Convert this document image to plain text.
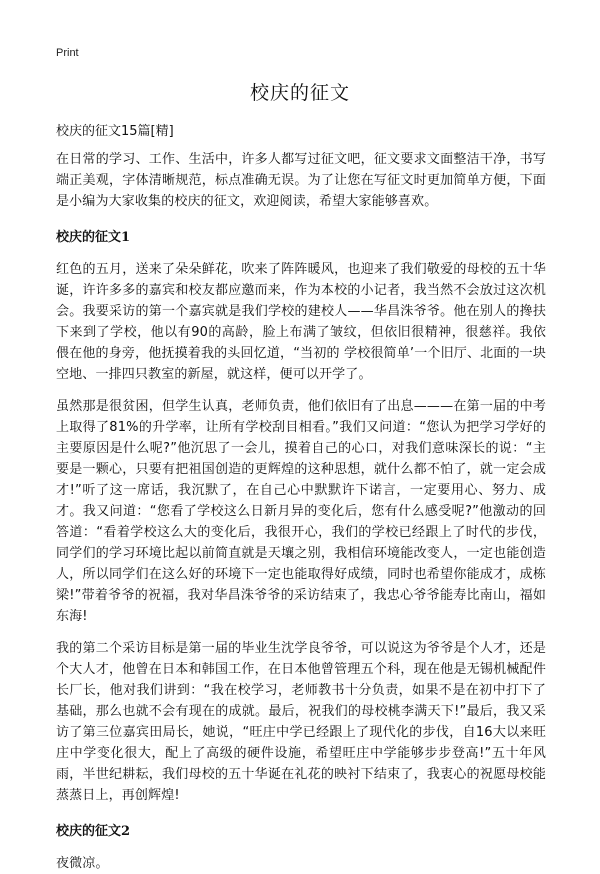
Print
校庆的征文
校庆的征文15篇[精]

在日常的学习、工作、生活中，许多人都写过征文吧，征文要求文面整洁干净，书写端正美观，字体清晰规范，标点准确无误。为了让您在写征文时更加简单方便，下面是小编为大家收集的校庆的征文，欢迎阅读，希望大家能够喜欢。

校庆的征文1

红色的五月，送来了朵朵鲜花，吹来了阵阵暖风，也迎来了我们敬爱的母校的五十华诞，许许多多的嘉宾和校友都应邀而来，作为本校的小记者，我当然不会放过这次机会。我要采访的第一个嘉宾就是我们学校的建校人——华昌洙爷爷。他在别人的搀扶下来到了学校，他以有90的高龄，脸上布满了皱纹，但依旧很精神，很慈祥。我依偎在他的身旁，他抚摸着我的头回忆道，“当初的 学校很简单’一个旧厅、北面的一块空地、一排四只教室的新屋，就这样，便可以开学了。

虽然那是很贫困，但学生认真，老师负责，他们依旧有了出息———在第一届的中考上取得了81%的升学率，让所有学校刮目相看。”我们又问道：“您认为把学习学好的主要原因是什么呢?”他沉思了一会儿，摸着自己的心口，对我们意味深长的说：“主要是一颗心，只要有把祖国创造的更辉煌的这种思想，就什么都不怕了，就一定会成才!”听了这一席话，我沉默了，在自己心中默默许下诺言，一定要用心、努力、成才。我又问道：“您看了学校这么日新月异的变化后，您有什么感受呢?”他激动的回答道：“看着学校这么大的变化后，我很开心，我们的学校已经跟上了时代的步伐，同学们的学习环境比起以前简直就是天壤之别，我相信环境能改变人，一定也能创造人，所以同学们在这么好的环境下一定也能取得好成绩，同时也希望你能成才，成栋梁!”带着爷爷的祝福，我对华昌洙爷爷的采访结束了，我忠心爷爷能寿比南山，福如东海!

我的第二个采访目标是第一届的毕业生沈学良爷爷，可以说这为爷爷是个人才，还是个大人才，他曾在日本和韩国工作，在日本他曾管理五个科，现在他是无锡机械配件长厂长，他对我们讲到：“我在校学习，老师教书十分负责，如果不是在初中打下了基础，那么也就不会有现在的成就。最后，祝我们的母校桃李满天下!”最后，我又采访了第三位嘉宾田局长，她说，“旺庄中学已经跟上了现代化的步伐，自16大以来旺庄中学变化很大，配上了高级的硬件设施，希望旺庄中学能够步步登高!”五十年风雨，半世纪耕耘，我们母校的五十华诞在礼花的映衬下结束了，我衷心的祝愿母校能蒸蒸日上，再创辉煌!

校庆的征文2

夜微凉。
